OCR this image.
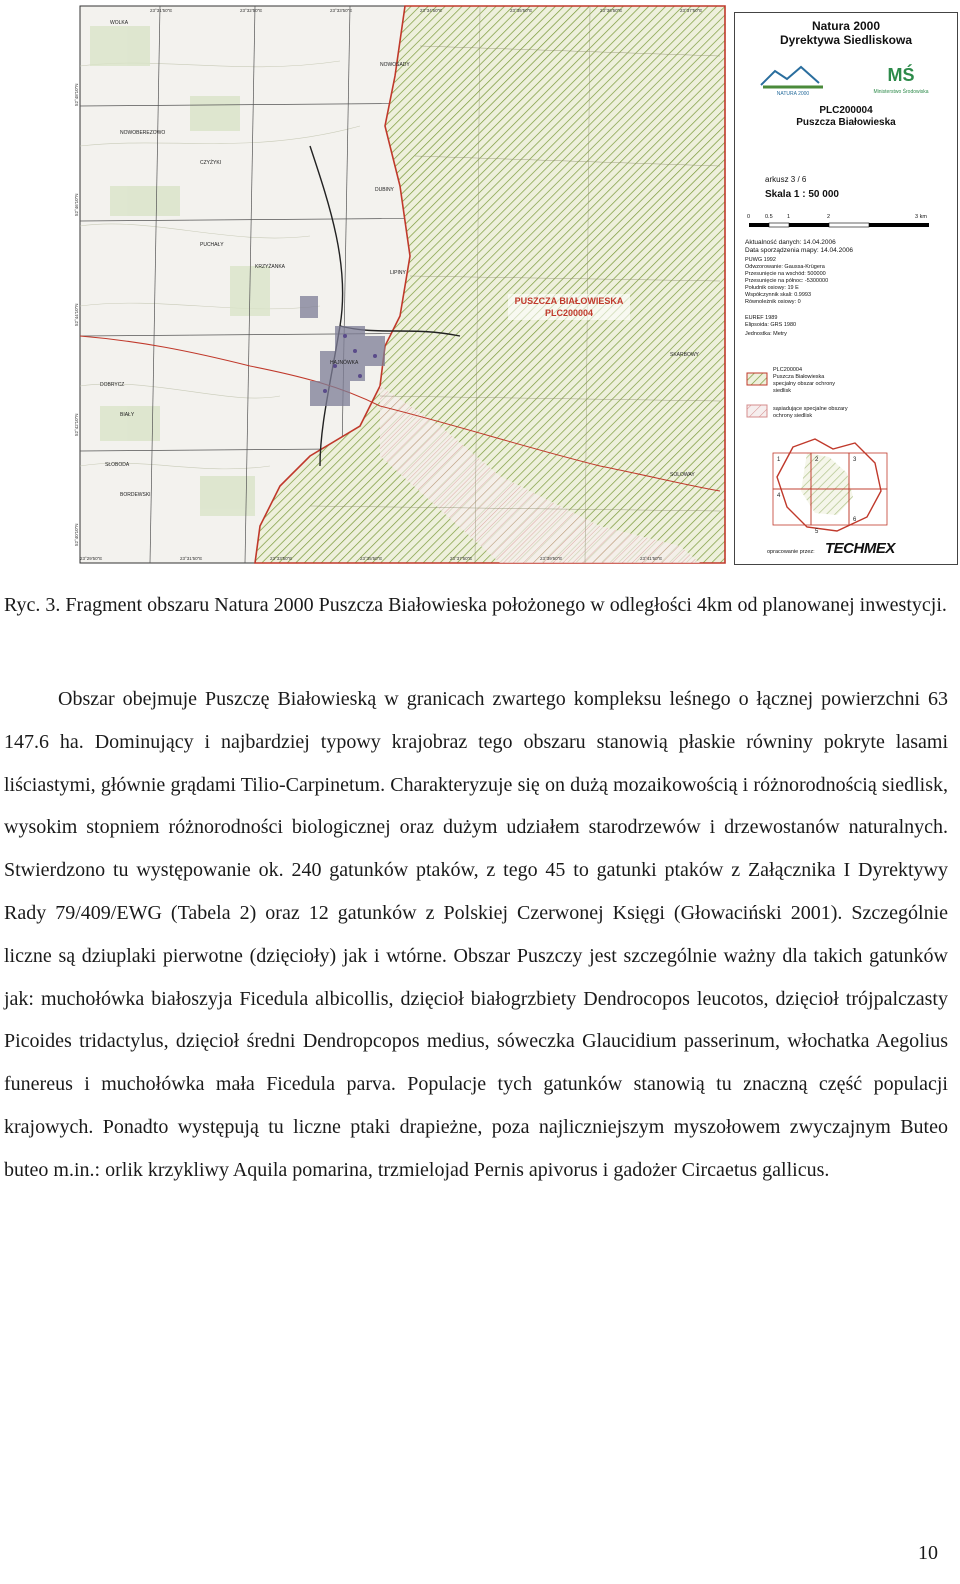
PUSZCZA BIAŁOWIESKA
PLC200004
WOLKA
NOWOBEREZOWO
CZYŻYKI
PUCHAŁY
KRZYŻANKA
HAJNÓWKA
DOBRYCZ
BIAŁY
SŁOBODA
NOWOSADY
DUBINY
LIPINY
SKARBOWY
SOLOWAY
BORDEWSKI
23°31'50"E	23°32'50"E	23°33'50"E	23°34'50"E	23°35'50"E	23°36'50"E	23°37'50"E
23°29'50"E	23°31'50"E	23°33'50"E	23°35'50"E	23°37'50"E	23°39'50"E	23°41'50"E
52°48'10"N
52°46'10"N
52°44'10"N
52°42'10"N
52°40'10"N
Natura 2000
Dyrektywa Siedliskowa
NATURA 2000
MŚ
Ministerstwo Środowiska
PLC200004
Puszcza Białowieska
arkusz 3 / 6
Skala 1 : 50 000
0	0.5	1	2	3 km
Aktualność danych: 14.04.2006
Data sporządzenia mapy: 14.04.2006
PUWG 1992
Odwzorowanie: Gaussa-Krügera
Przesunięcie na wschód: 500000
Przesunięcie na północ: -5300000
Południk osiowy: 19 E
Współczynnik skali: 0.9993
Równoleżnik osiowy: 0
EUREF 1989
Elipsoida: GRS 1980
Jednostka: Metry
PLC200004
Puszcza Białowieska
specjalny obszar ochrony
siedlisk
sąsiadujące specjalne obszary
ochrony siedlisk
1	2	3
4
5
6
opracowanie przez: TECHMEX

Ryc. 3. Fragment obszaru Natura 2000 Puszcza Białowieska położonego w odległości 4km od planowanej inwestycji.

Obszar obejmuje Puszczę Białowieską w granicach zwartego kompleksu leśnego o łącznej powierzchni 63 147.6 ha. Dominujący i najbardziej typowy krajobraz tego obszaru stanowią płaskie równiny pokryte lasami liściastymi, głównie grądami Tilio-Carpinetum. Charakteryzuje się on dużą mozaikowością i różnorodnością siedlisk, wysokim stopniem różnorodności biologicznej oraz dużym udziałem starodrzewów i drzewostanów naturalnych. Stwierdzono tu występowanie ok. 240 gatunków ptaków, z tego 45 to gatunki ptaków z Załącznika I Dyrektywy Rady 79/409/EWG (Tabela 2) oraz 12 gatunków z Polskiej Czerwonej Księgi (Głowaciński 2001). Szczególnie liczne są dziuplaki pierwotne (dzięcioły) jak i wtórne. Obszar Puszczy jest szczególnie ważny dla takich gatunków jak: muchołówka białoszyja Ficedula albicollis, dzięcioł białogrzbiety Dendrocopos leucotos, dzięcioł trójpalczasty Picoides tridactylus, dzięcioł średni Dendropcopos medius, sóweczka Glaucidium passerinum, włochatka Aegolius funereus i muchołówka mała Ficedula parva. Populacje tych gatunków stanowią tu znaczną część populacji krajowych. Ponadto występują tu liczne ptaki drapieżne, poza najliczniejszym myszołowem zwyczajnym Buteo buteo m.in.: orlik krzykliwy Aquila pomarina, trzmielojad Pernis apivorus i gadożer Circaetus gallicus.

10
